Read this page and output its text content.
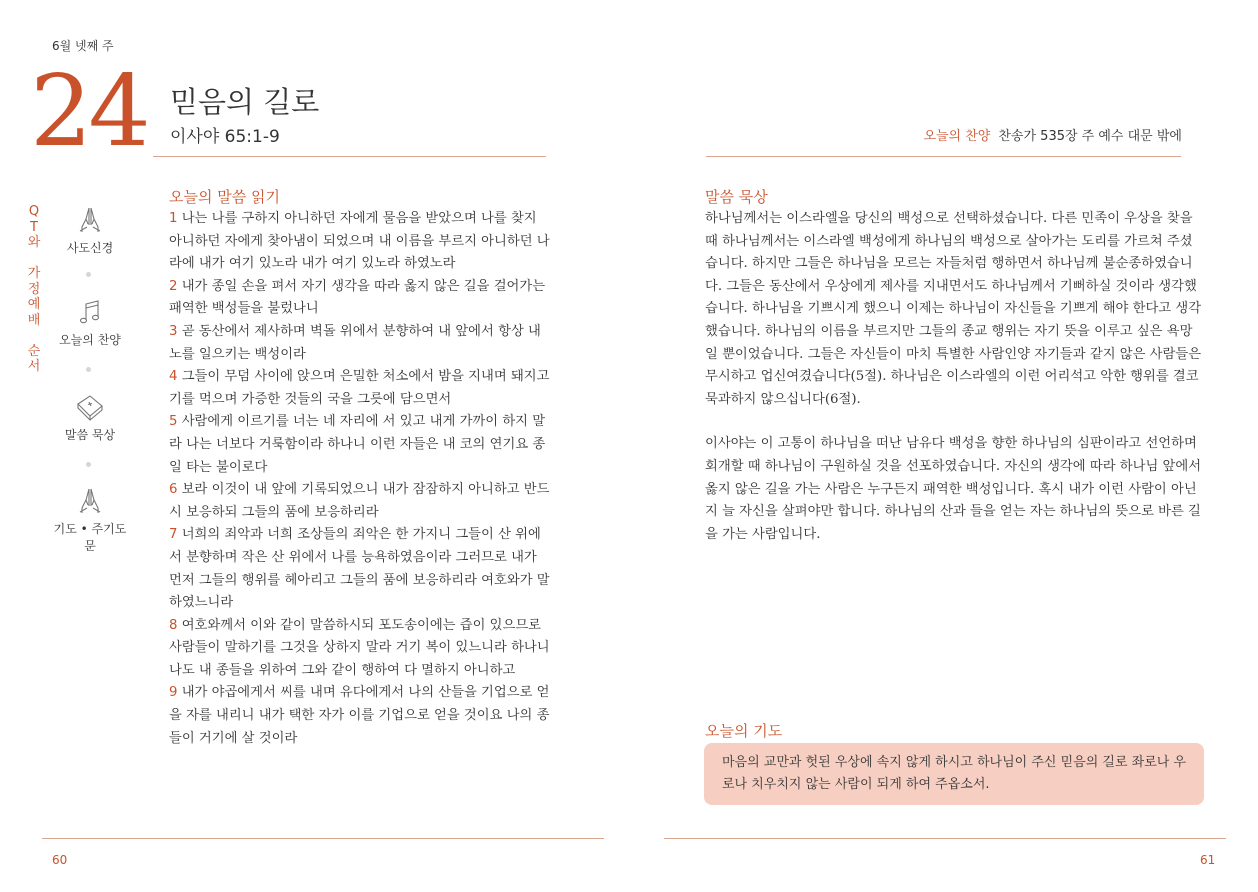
6월 넷째 주
24 믿음의 길로
이사야 65:1-9	오늘의 찬양 찬송가 535장 주 예수 대문 밖에
Q
T
와
가
정
예
배
순
서
사도신경
오늘의 찬양
말씀 묵상
기도 • 주기도문
오늘의 말씀 읽기
1 나는 나를 구하지 아니하던 자에게 물음을 받았으며 나를 찾지 아니하던 자에게 찾아냄이 되었으며 내 이름을 부르지 아니하던 나라에 내가 여기 있노라 내가 여기 있노라 하였노라
2 내가 종일 손을 펴서 자기 생각을 따라 옳지 않은 길을 걸어가는 패역한 백성들을 불렀나니
3 곧 동산에서 제사하며 벽돌 위에서 분향하여 내 앞에서 항상 내 노를 일으키는 백성이라
4 그들이 무덤 사이에 앉으며 은밀한 처소에서 밤을 지내며 돼지고기를 먹으며 가증한 것들의 국을 그릇에 담으면서
5 사람에게 이르기를 너는 네 자리에 서 있고 내게 가까이 하지 말라 나는 너보다 거룩함이라 하나니 이런 자들은 내 코의 연기요 종일 타는 불이로다
6 보라 이것이 내 앞에 기록되었으니 내가 잠잠하지 아니하고 반드시 보응하되 그들의 품에 보응하리라
7 너희의 죄악과 너희 조상들의 죄악은 한 가지니 그들이 산 위에서 분향하며 작은 산 위에서 나를 능욕하였음이라 그러므로 내가 먼저 그들의 행위를 헤아리고 그들의 품에 보응하리라 여호와가 말하였느니라
8 여호와께서 이와 같이 말씀하시되 포도송이에는 즙이 있으므로 사람들이 말하기를 그것을 상하지 말라 거기 복이 있느니라 하나니 나도 내 종들을 위하여 그와 같이 행하여 다 멸하지 아니하고
9 내가 야곱에게서 씨를 내며 유다에게서 나의 산들을 기업으로 얻을 자를 내리니 내가 택한 자가 이를 기업으로 얻을 것이요 나의 종들이 거기에 살 것이라
말씀 묵상

하나님께서는 이스라엘을 당신의 백성으로 선택하셨습니다. 다른 민족이 우상을 찾을 때 하나님께서는 이스라엘 백성에게 하나님의 백성으로 살아가는 도리를 가르쳐 주셨습니다. 하지만 그들은 하나님을 모르는 자들처럼 행하면서 하나님께 불순종하였습니다. 그들은 동산에서 우상에게 제사를 지내면서도 하나님께서 기뻐하실 것이라 생각했습니다. 하나님을 기쁘시게 했으니 이제는 하나님이 자신들을 기쁘게 해야 한다고 생각했습니다. 하나님의 이름을 부르지만 그들의 종교 행위는 자기 뜻을 이루고 싶은 욕망일 뿐이었습니다. 그들은 자신들이 마치 특별한 사람인양 자기들과 같지 않은 사람들은 무시하고 업신여겼습니다(5절). 하나님은 이스라엘의 이런 어리석고 악한 행위를 결코 묵과하지 않으십니다(6절).

이사야는 이 고통이 하나님을 떠난 남유다 백성을 향한 하나님의 심판이라고 선언하며 회개할 때 하나님이 구원하실 것을 선포하였습니다. 자신의 생각에 따라 하나님 앞에서 옳지 않은 길을 가는 사람은 누구든지 패역한 백성입니다. 혹시 내가 이런 사람이 아닌지 늘 자신을 살펴야만 합니다. 하나님의 산과 들을 얻는 자는 하나님의 뜻으로 바른 길을 가는 사람입니다.

오늘의 기도
마음의 교만과 헛된 우상에 속지 않게 하시고 하나님이 주신 믿음의 길로 좌로나 우로나 치우치지 않는 사람이 되게 하여 주옵소서.
60	61
